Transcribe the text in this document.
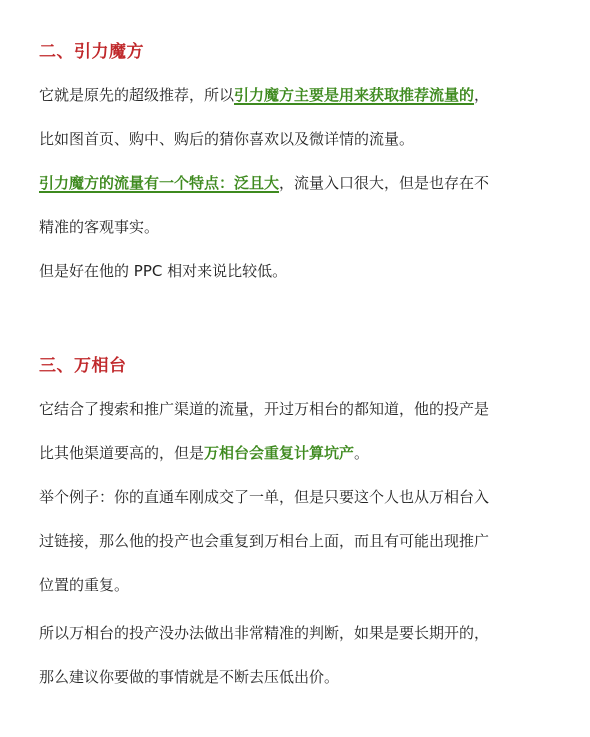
二、引力魔方

它就是原先的超级推荐，所以引力魔方主要是用来获取推荐流量的，

比如图首页、购中、购后的猜你喜欢以及微详情的流量。

引力魔方的流量有一个特点：泛且大，流量入口很大，但是也存在不

精准的客观事实。

但是好在他的 PPC 相对来说比较低。

三、万相台

它结合了搜索和推广渠道的流量，开过万相台的都知道，他的投产是

比其他渠道要高的，但是万相台会重复计算坑产。

举个例子：你的直通车刚成交了一单，但是只要这个人也从万相台入

过链接，那么他的投产也会重复到万相台上面，而且有可能出现推广

位置的重复。

所以万相台的投产没办法做出非常精准的判断，如果是要长期开的，

那么建议你要做的事情就是不断去压低出价。
